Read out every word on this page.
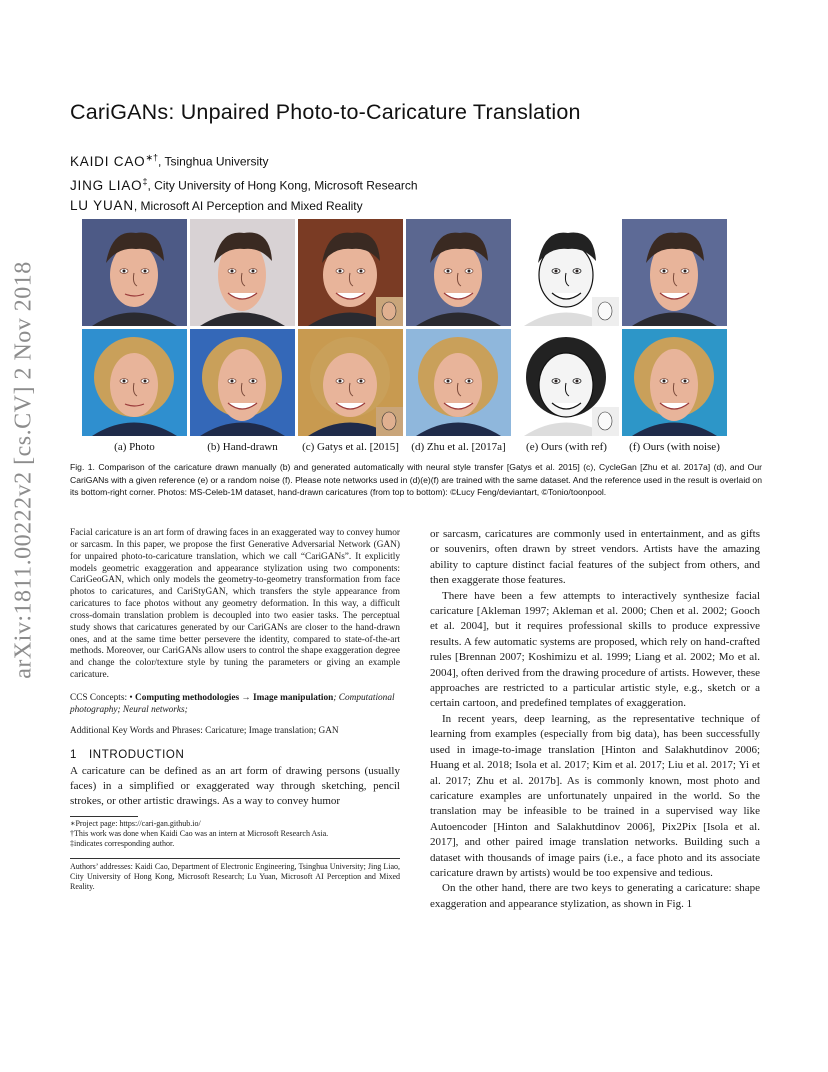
arXiv:1811.00222v2 [cs.CV] 2 Nov 2018
CariGANs: Unpaired Photo-to-Caricature Translation
KAIDI CAO∗†, Tsinghua University
JING LIAO‡, City University of Hong Kong, Microsoft Research
LU YUAN, Microsoft AI Perception and Mixed Reality
(a) Photo	(b) Hand-drawn	(c) Gatys et al. [2015]	(d) Zhu et al. [2017a]	(e) Ours (with ref)	(f) Ours (with noise)
Fig. 1. Comparison of the caricature drawn manually (b) and generated automatically with neural style transfer [Gatys et al. 2015] (c), CycleGan [Zhu et al. 2017a] (d), and Our CariGANs with a given reference (e) or a random noise (f). Please note networks used in (d)(e)(f) are trained with the same dataset. And the reference used in the result is overlaid on its bottom-right corner. Photos: MS-Celeb-1M dataset, hand-drawn caricatures (from top to bottom): ©Lucy Feng/deviantart, ©Tonio/toonpool.

Facial caricature is an art form of drawing faces in an exaggerated way to convey humor or sarcasm. In this paper, we propose the first Generative Adversarial Network (GAN) for unpaired photo-to-caricature translation, which we call “CariGANs”. It explicitly models geometric exaggeration and appearance stylization using two components: CariGeoGAN, which only models the geometry-to-geometry transformation from face photos to caricatures, and CariStyGAN, which transfers the style appearance from caricatures to face photos without any geometry deformation. In this way, a difficult cross-domain translation problem is decoupled into two easier tasks. The perceptual study shows that caricatures generated by our CariGANs are closer to the hand-drawn ones, and at the same time better persevere the identity, compared to state-of-the-art methods. Moreover, our CariGANs allow users to control the shape exaggeration degree and change the color/texture style by tuning the parameters or giving an example caricature.

CCS Concepts: • Computing methodologies → Image manipulation; Computational photography; Neural networks;
Additional Key Words and Phrases: Caricature; Image translation; GAN
1 INTRODUCTION

A caricature can be defined as an art form of drawing persons (usually faces) in a simplified or exaggerated way through sketching, pencil strokes, or other artistic drawings. As a way to convey humor

∗Project page: https://cari-gan.github.io/
†This work was done when Kaidi Cao was an intern at Microsoft Research Asia.
‡indicates corresponding author.
Authors’ addresses: Kaidi Cao, Department of Electronic Engineering, Tsinghua University; Jing Liao, City University of Hong Kong, Microsoft Research; Lu Yuan, Microsoft AI Perception and Mixed Reality.

or sarcasm, caricatures are commonly used in entertainment, and as gifts or souvenirs, often drawn by street vendors. Artists have the amazing ability to capture distinct facial features of the subject from others, and then exaggerate those features.

There have been a few attempts to interactively synthesize facial caricature [Akleman 1997; Akleman et al. 2000; Chen et al. 2002; Gooch et al. 2004], but it requires professional skills to produce expressive results. A few automatic systems are proposed, which rely on hand-crafted rules [Brennan 2007; Koshimizu et al. 1999; Liang et al. 2002; Mo et al. 2004], often derived from the drawing procedure of artists. However, these approaches are restricted to a particular artistic style, e.g., sketch or a certain cartoon, and predefined templates of exaggeration.

In recent years, deep learning, as the representative technique of learning from examples (especially from big data), has been successfully used in image-to-image translation [Hinton and Salakhutdinov 2006; Huang et al. 2018; Isola et al. 2017; Kim et al. 2017; Liu et al. 2017; Yi et al. 2017; Zhu et al. 2017b]. As is commonly known, most photo and caricature examples are unfortunately unpaired in the world. So the translation may be infeasible to be trained in a supervised way like Autoencoder [Hinton and Salakhutdinov 2006], Pix2Pix [Isola et al. 2017], and other paired image translation networks. Building such a dataset with thousands of image pairs (i.e., a face photo and its associate caricature drawn by artists) would be too expensive and tedious.

On the other hand, there are two keys to generating a caricature: shape exaggeration and appearance stylization, as shown in Fig. 1
